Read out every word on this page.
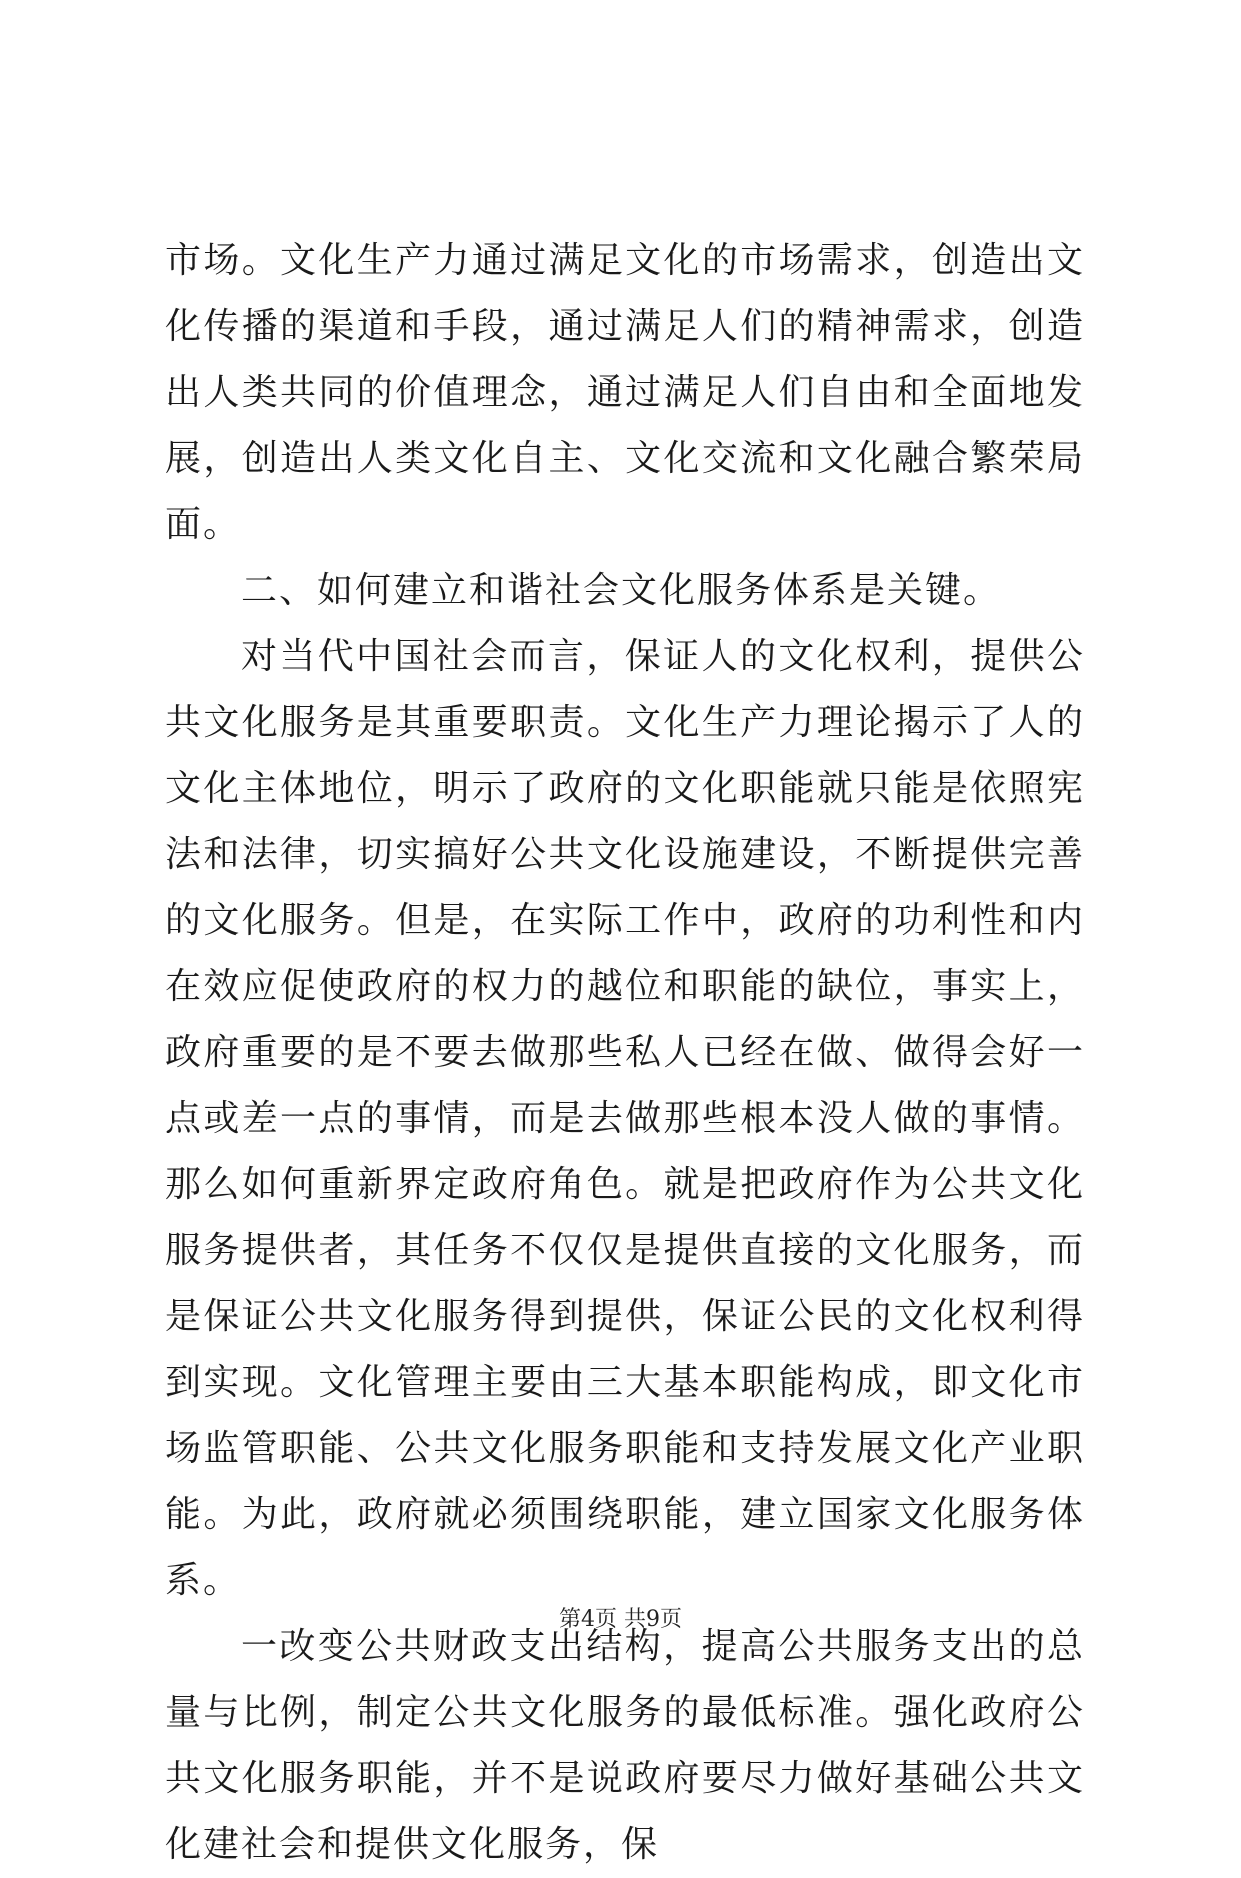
市场。文化生产力通过满足文化的市场需求，创造出文化传播的渠道和手段，通过满足人们的精神需求，创造出人类共同的价值理念，通过满足人们自由和全面地发展，创造出人类文化自主、文化交流和文化融合繁荣局面。

二、如何建立和谐社会文化服务体系是关键。

对当代中国社会而言，保证人的文化权利，提供公共文化服务是其重要职责。文化生产力理论揭示了人的文化主体地位，明示了政府的文化职能就只能是依照宪法和法律，切实搞好公共文化设施建设，不断提供完善的文化服务。但是，在实际工作中，政府的功利性和内在效应促使政府的权力的越位和职能的缺位，事实上，政府重要的是不要去做那些私人已经在做、做得会好一点或差一点的事情，而是去做那些根本没人做的事情。那么如何重新界定政府角色。就是把政府作为公共文化服务提供者，其任务不仅仅是提供直接的文化服务，而是保证公共文化服务得到提供，保证公民的文化权利得到实现。文化管理主要由三大基本职能构成，即文化市场监管职能、公共文化服务职能和支持发展文化产业职能。为此，政府就必须围绕职能，建立国家文化服务体系。

一改变公共财政支出结构，提高公共服务支出的总量与比例，制定公共文化服务的最低标准。强化政府公共文化服务职能，并不是说政府要尽力做好基础公共文化建社会和提供文化服务，保

第4页 共9页
